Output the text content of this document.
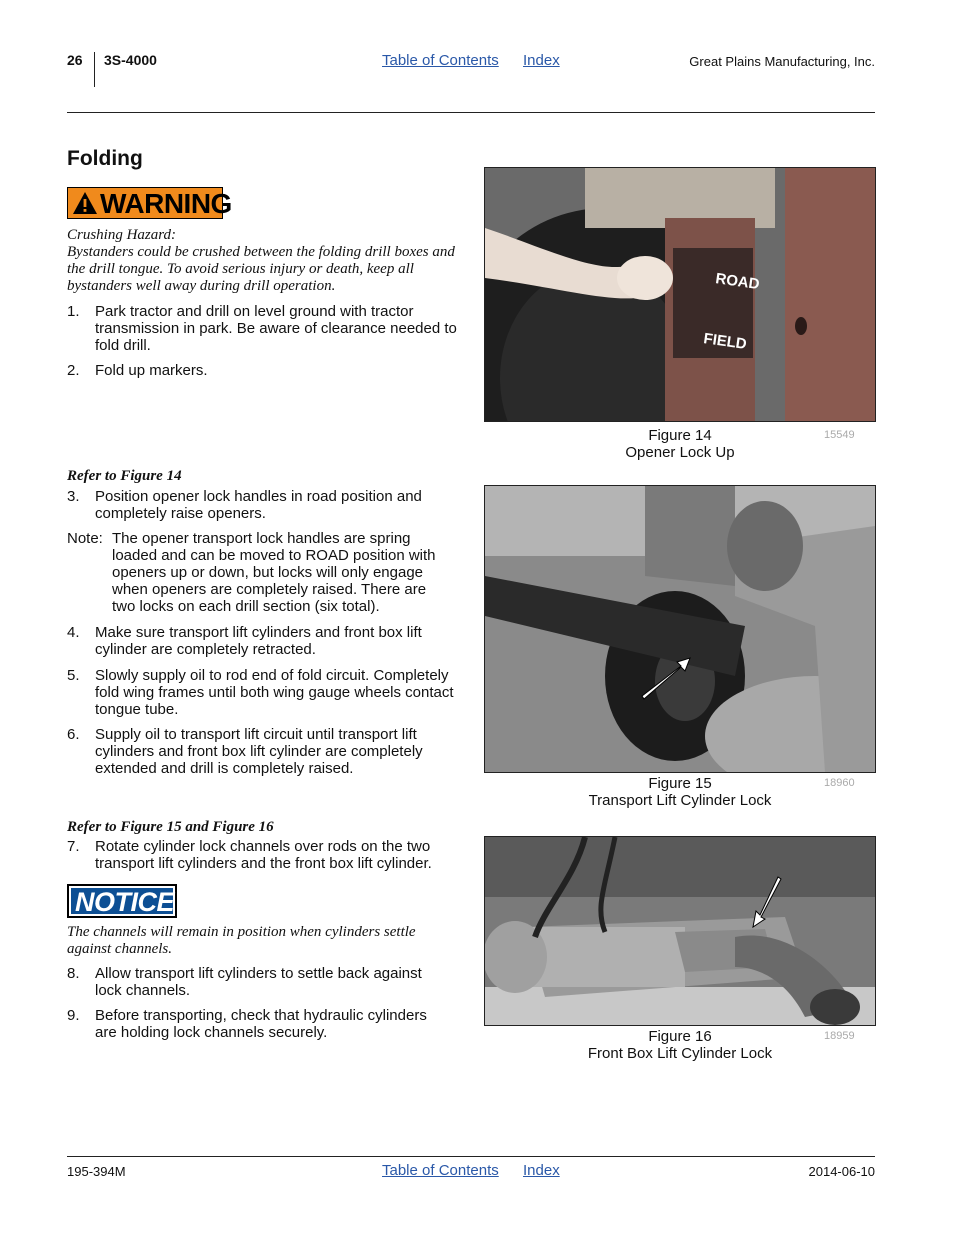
26 3S-4000	Table of Contents Index	Great Plains Manufacturing, Inc.
Folding
WARNING
Crushing Hazard:
Bystanders could be crushed between the folding drill boxes and the drill tongue. To avoid serious injury or death, keep all bystanders well away during drill operation.
1.	Park tractor and drill on level ground with tractor transmission in park. Be aware of clearance needed to fold drill.
2.	Fold up markers.
Refer to Figure 14
3.	Position opener lock handles in road position and completely raise openers.
Note: The opener transport lock handles are spring loaded and can be moved to ROAD position with openers up or down, but locks will only engage when openers are completely raised. There are two locks on each drill section (six total).
4.	Make sure transport lift cylinders and front box lift cylinder are completely retracted.
5.	Slowly supply oil to rod end of fold circuit. Completely fold wing frames until both wing gauge wheels contact tongue tube.
6.	Supply oil to transport lift circuit until transport lift cylinders and front box lift cylinder are completely extended and drill is completely raised.
Refer to Figure 15 and Figure 16
7.	Rotate cylinder lock channels over rods on the two transport lift cylinders and the front box lift cylinder.
NOTICE
The channels will remain in position when cylinders settle against channels.
8.	Allow transport lift cylinders to settle back against lock channels.
9.	Before transporting, check that hydraulic cylinders are holding lock channels securely.
ROAD
FIELD
Figure 14
Opener Lock Up
15549
Figure 15
Transport Lift Cylinder Lock
18960
Figure 16
Front Box Lift Cylinder Lock
18959
195-394M	Table of Contents Index	2014-06-10
